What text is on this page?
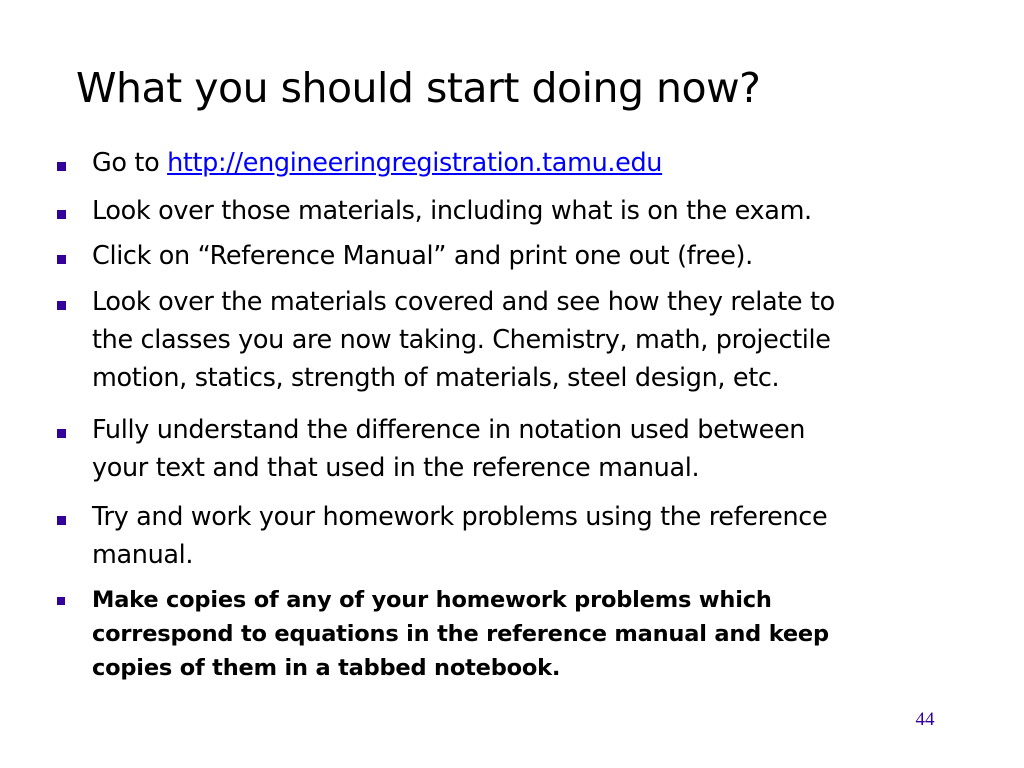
What you should start doing now?
Go to http://engineeringregistration.tamu.edu
Look over those materials, including what is on the exam.
Click on “Reference Manual” and print one out (free).
Look over the materials covered and see how they relate to
the classes you are now taking. Chemistry, math, projectile
motion, statics, strength of materials, steel design, etc.
Fully understand the difference in notation used between
your text and that used in the reference manual.
Try and work your homework problems using the reference
manual.
Make copies of any of your homework problems which
correspond to equations in the reference manual and keep
copies of them in a tabbed notebook.
44
